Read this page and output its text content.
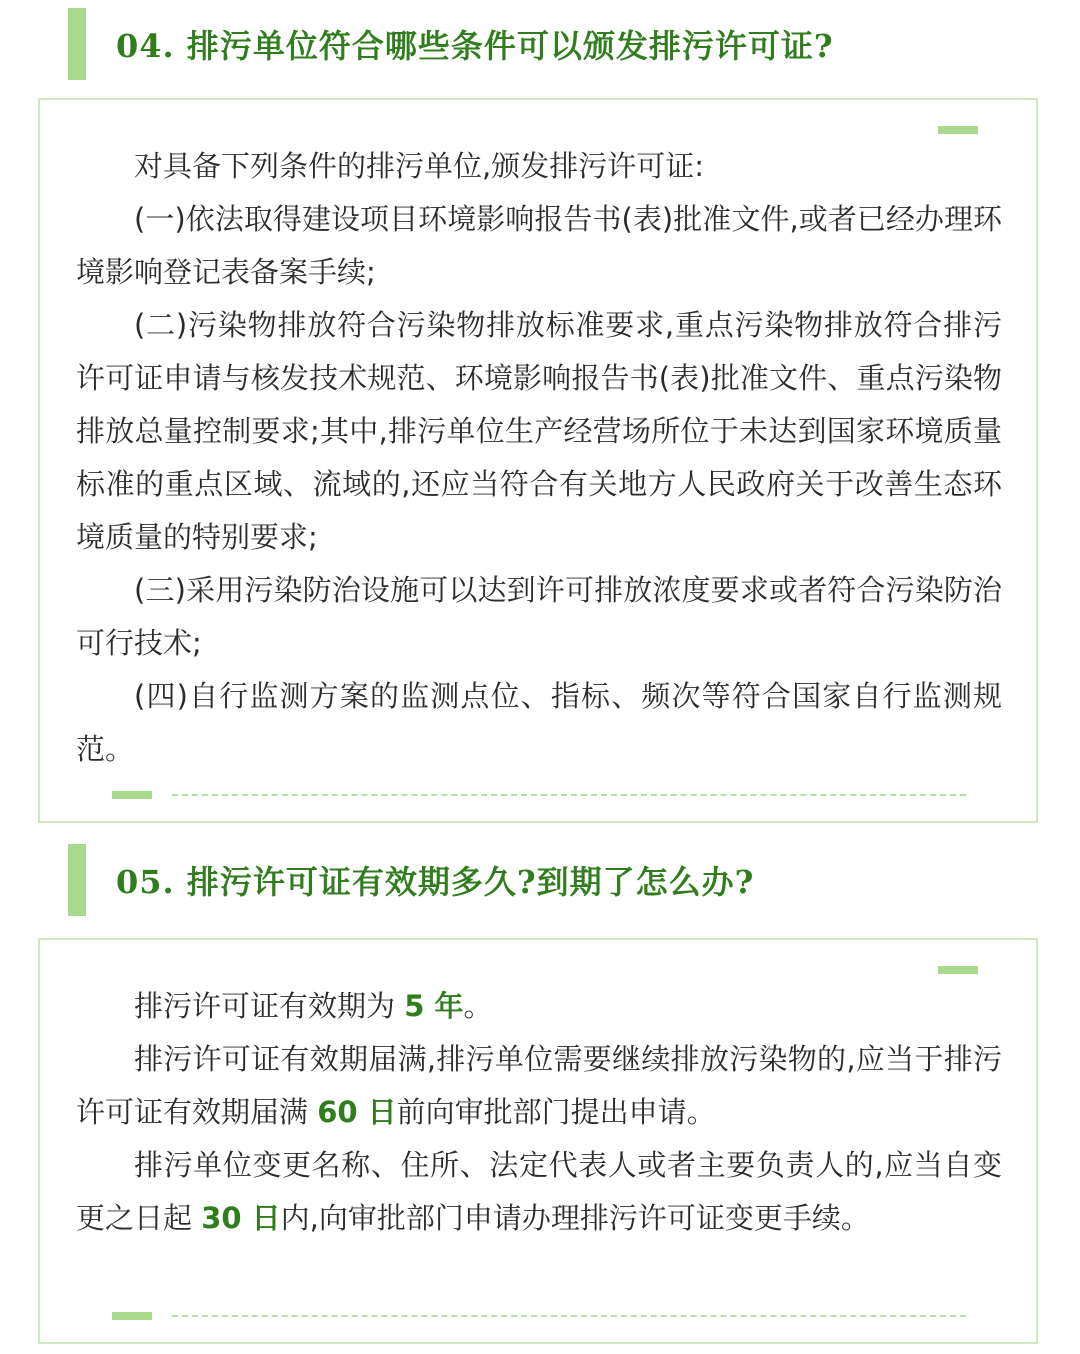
04. 排污单位符合哪些条件可以颁发排污许可证?

对具备下列条件的排污单位,颁发排污许可证:

(一)依法取得建设项目环境影响报告书(表)批准文件,或者已经办理环境影响登记表备案手续;

(二)污染物排放符合污染物排放标准要求,重点污染物排放符合排污许可证申请与核发技术规范、环境影响报告书(表)批准文件、重点污染物排放总量控制要求;其中,排污单位生产经营场所位于未达到国家环境质量标准的重点区域、流域的,还应当符合有关地方人民政府关于改善生态环境质量的特别要求;

(三)采用污染防治设施可以达到许可排放浓度要求或者符合污染防治可行技术;

(四)自行监测方案的监测点位、指标、频次等符合国家自行监测规范。

05. 排污许可证有效期多久?到期了怎么办?

排污许可证有效期为 5 年。

排污许可证有效期届满,排污单位需要继续排放污染物的,应当于排污许可证有效期届满 60 日前向审批部门提出申请。

排污单位变更名称、住所、法定代表人或者主要负责人的,应当自变更之日起 30 日内,向审批部门申请办理排污许可证变更手续。
